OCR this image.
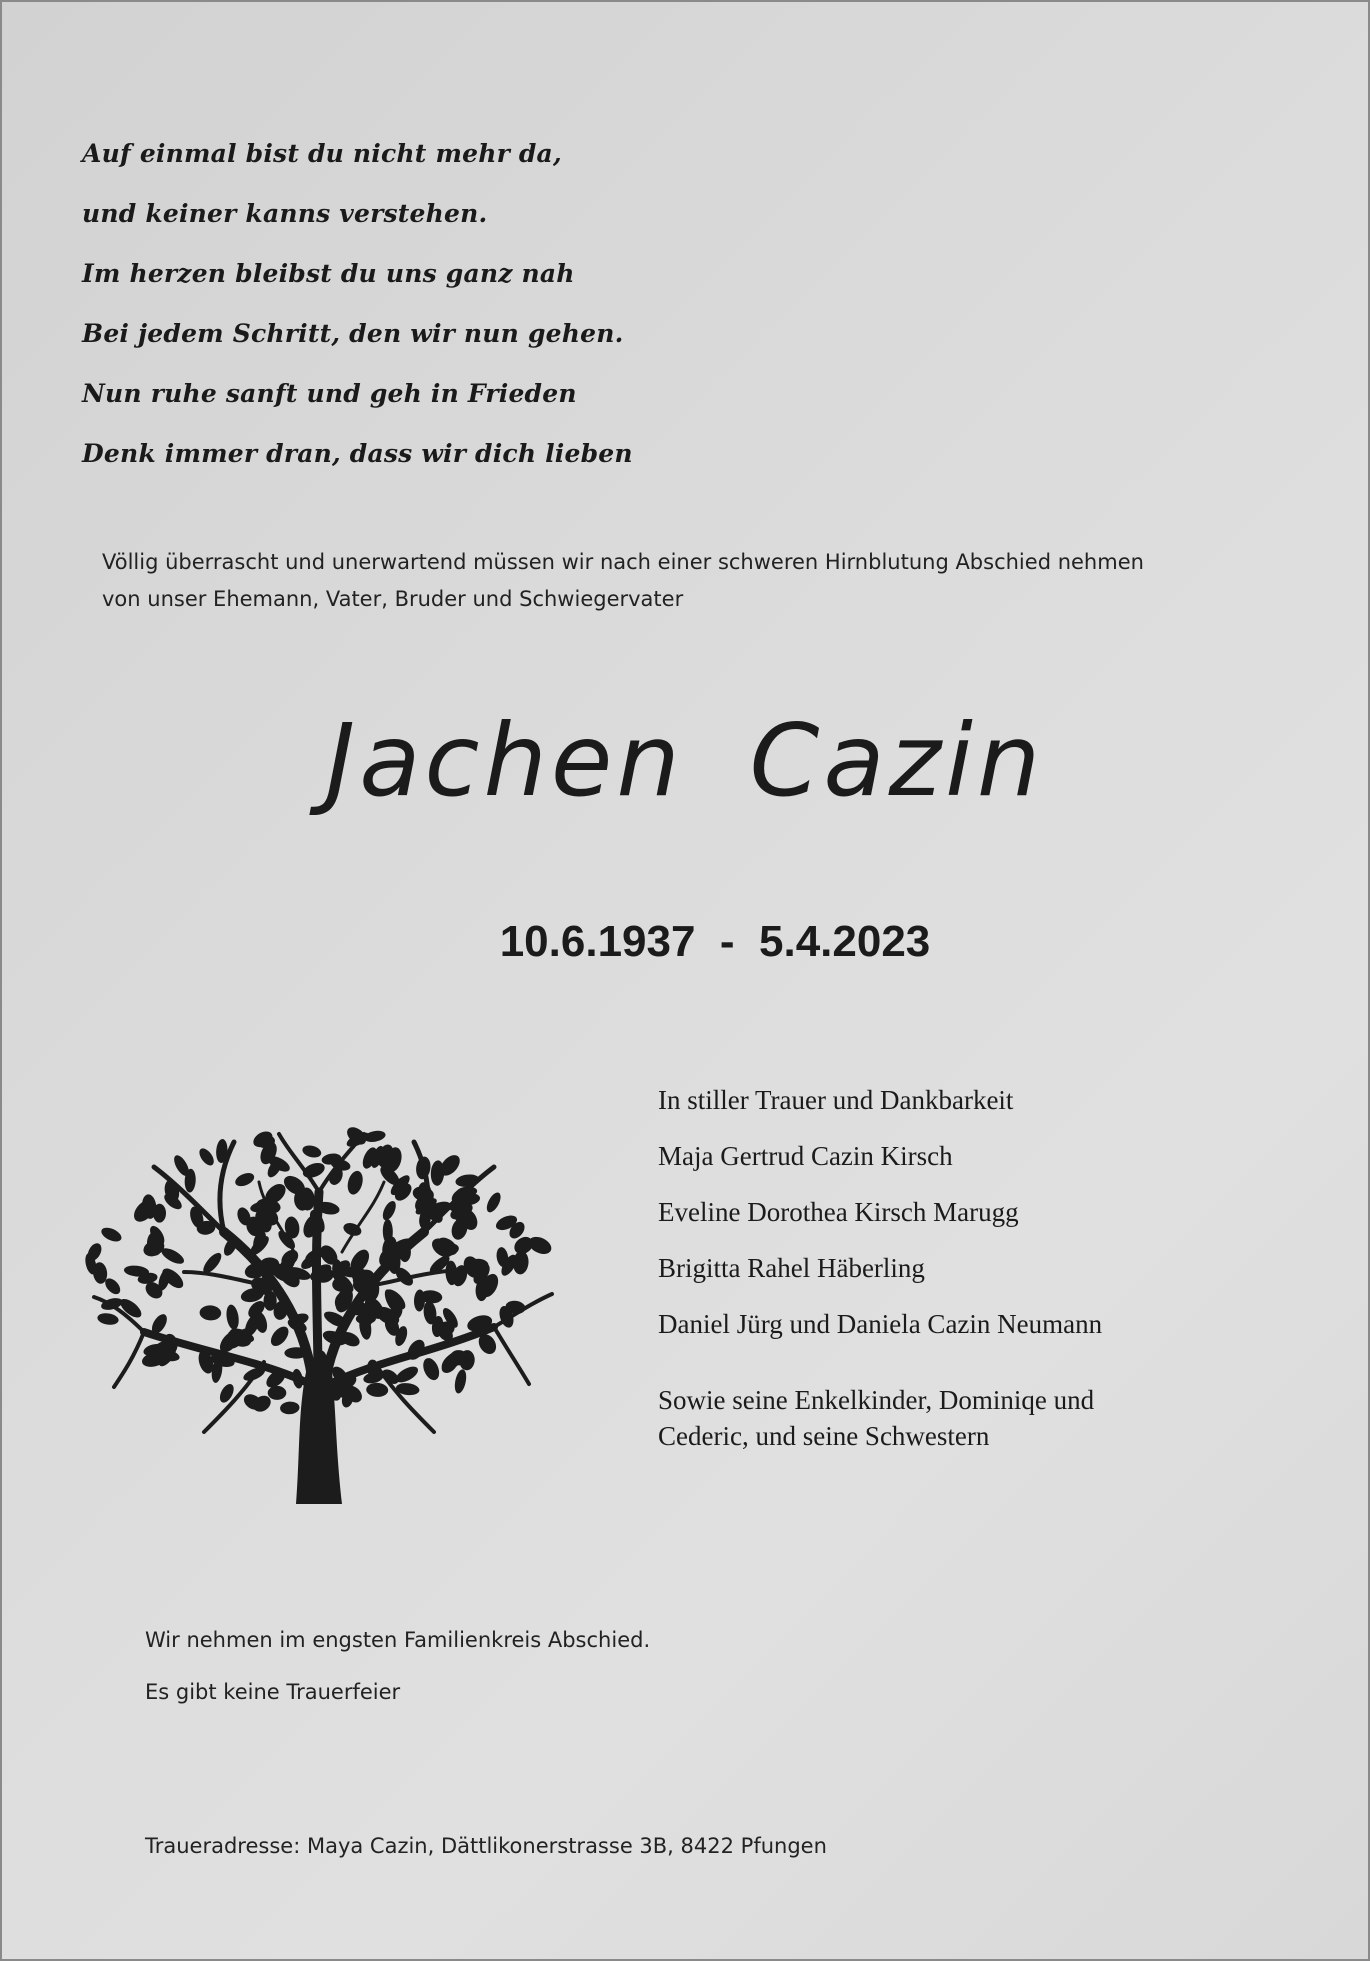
Auf einmal bist du nicht mehr da,
und keiner kanns verstehen.
Im herzen bleibst du uns ganz nah
Bei jedem Schritt, den wir nun gehen.
Nun ruhe sanft und geh in Frieden
Denk immer dran, dass wir dich lieben
Völlig überrascht und unerwartend müssen wir nach einer schweren Hirnblutung Abschied nehmen
von unser Ehemann, Vater, Bruder und Schwiegervater
Jachen Cazin
10.6.1937  -  5.4.2023
In stiller Trauer und Dankbarkeit
Maja Gertrud Cazin Kirsch
Eveline Dorothea Kirsch Marugg
Brigitta Rahel Häberling
Daniel Jürg und Daniela Cazin Neumann
Sowie seine Enkelkinder, Dominiqe und
Cederic, und seine Schwestern
Wir nehmen im engsten Familienkreis Abschied.
Es gibt keine Trauerfeier
Traueradresse: Maya Cazin, Dättlikonerstrasse 3B, 8422 Pfungen
